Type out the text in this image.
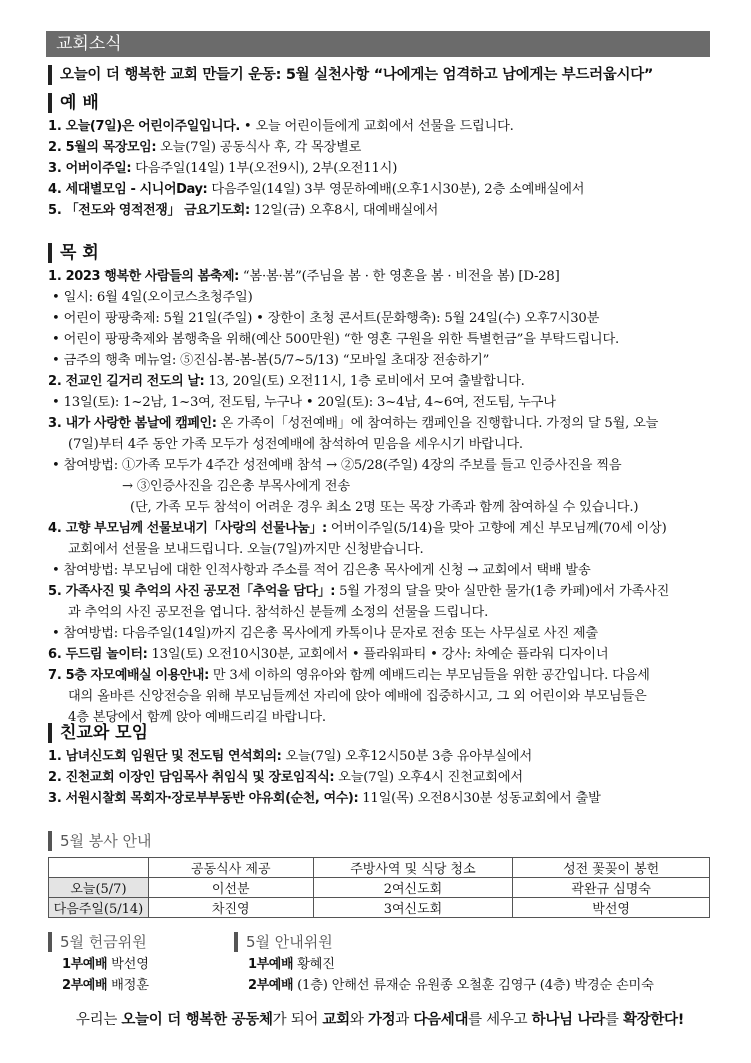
교회소식
오늘이 더 행복한 교회 만들기 운동: 5월 실천사항 “나에게는 엄격하고 남에게는 부드러웁시다”
예 배
1. 오늘(7일)은 어린이주일입니다. • 오늘 어린이들에게 교회에서 선물을 드립니다.
2. 5월의 목장모임: 오늘(7일) 공동식사 후, 각 목장별로
3. 어버이주일: 다음주일(14일) 1부(오전9시), 2부(오전11시)
4. 세대별모임 - 시니어Day: 다음주일(14일) 3부 영문하예배(오후1시30분), 2층 소예배실에서
5. 「전도와 영적전쟁」 금요기도회: 12일(금) 오후8시, 대예배실에서
목 회
1. 2023 행복한 사람들의 봄축제: “봄·봄·봄”(주님을 봄 · 한 영혼을 봄 · 비전을 봄) [D-28]
• 일시: 6월 4일(오이코스초청주일)
• 어린이 팡팡축제: 5월 21일(주일) • 장한이 초청 콘서트(문화행축): 5월 24일(수) 오후7시30분
• 어린이 팡팡축제와 봄행축을 위해(예산 500만원) “한 영혼 구원을 위한 특별헌금”을 부탁드립니다.
• 금주의 행축 메뉴얼: ⑤진심-봄-봄-봄(5/7~5/13) “모바일 초대장 전송하기”
2. 전교인 길거리 전도의 날: 13, 20일(토) 오전11시, 1층 로비에서 모여 출발합니다.
• 13일(토): 1~2남, 1~3여, 전도팀, 누구나 • 20일(토): 3~4남, 4~6여, 전도팀, 누구나
3. 내가 사랑한 봄날에 캠페인: 온 가족이「성전예배」에 참여하는 캠페인을 진행합니다. 가정의 달 5월, 오늘
(7일)부터 4주 동안 가족 모두가 성전예배에 참석하여 믿음을 세우시기 바랍니다.
• 참여방법: ①가족 모두가 4주간 성전예배 참석 → ②5/28(주일) 4장의 주보를 들고 인증사진을 찍음
→ ③인증사진을 김은총 부목사에게 전송
(단, 가족 모두 참석이 어려운 경우 최소 2명 또는 목장 가족과 함께 참여하실 수 있습니다.)
4. 고향 부모님께 선물보내기「사랑의 선물나눔」: 어버이주일(5/14)을 맞아 고향에 계신 부모님께(70세 이상)
교회에서 선물을 보내드립니다. 오늘(7일)까지만 신청받습니다.
• 참여방법: 부모님에 대한 인적사항과 주소를 적어 김은총 목사에게 신청 → 교회에서 택배 발송
5. 가족사진 및 추억의 사진 공모전「추억을 담다」: 5월 가정의 달을 맞아 실만한 물가(1층 카페)에서 가족사진
과 추억의 사진 공모전을 엽니다. 참석하신 분들께 소정의 선물을 드립니다.
• 참여방법: 다음주일(14일)까지 김은총 목사에게 카톡이나 문자로 전송 또는 사무실로 사진 제출
6. 두드림 놀이터: 13일(토) 오전10시30분, 교회에서 • 플라워파티 • 강사: 차예순 플라워 디자이너
7. 5층 자모예배실 이용안내: 만 3세 이하의 영유아와 함께 예배드리는 부모님들을 위한 공간입니다. 다음세
대의 올바른 신앙전승을 위해 부모님들께선 자리에 앉아 예배에 집중하시고, 그 외 어린이와 부모님들은
4층 본당에서 함께 앉아 예배드리길 바랍니다.
친교와 모임
1. 남녀신도회 임원단 및 전도팀 연석회의: 오늘(7일) 오후12시50분 3층 유아부실에서
2. 진천교회 이장인 담임목사 취임식 및 장로임직식: 오늘(7일) 오후4시 진천교회에서
3. 서원시찰회 목회자·장로부부동반 야유회(순천, 여수): 11일(목) 오전8시30분 성동교회에서 출발
5월 봉사 안내
	공동식사 제공	주방사역 및 식당 청소	성전 꽃꽂이 봉헌
오늘(5/7)	이선분	2여신도회	곽완규 심명숙
다음주일(5/14)	차진영	3여신도회	박선영
5월 헌금위원
1부예배 박선영
2부예배 배정훈
5월 안내위원
1부예배 황혜진
2부예배 (1층) 안해선 류재순 유원종 오철훈 김영구 (4층) 박경순 손미숙
우리는 오늘이 더 행복한 공동체가 되어 교회와 가정과 다음세대를 세우고 하나님 나라를 확장한다!
